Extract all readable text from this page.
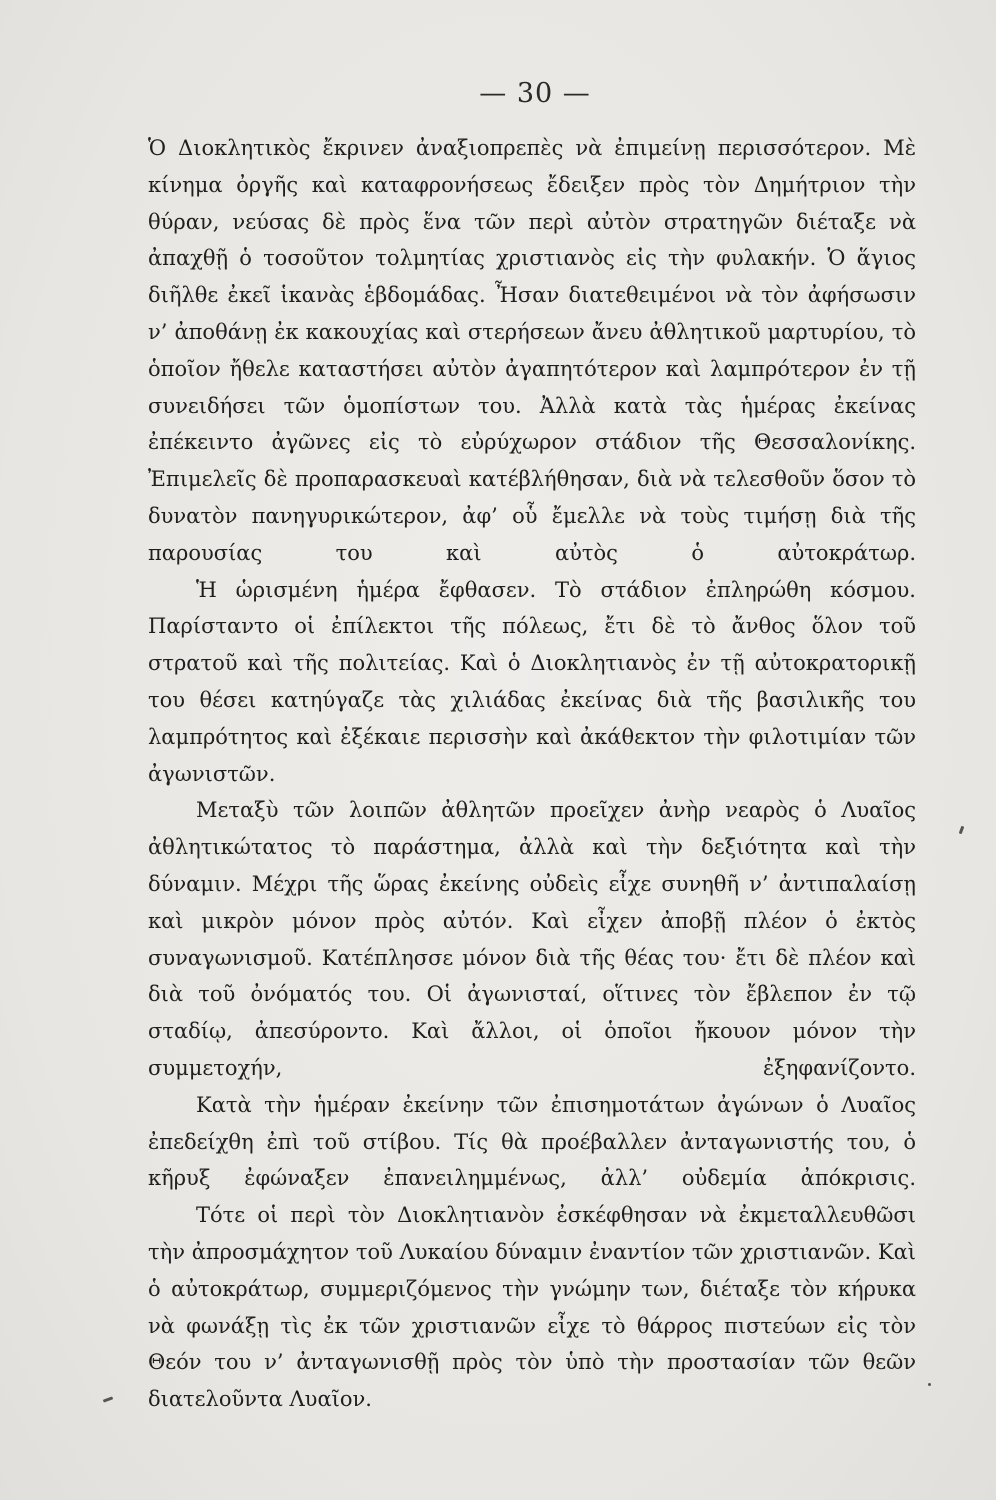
— 30 —

Ὁ Διοκλητικὸς ἔκρινεν ἀναξιοπρεπὲς νὰ ἐπιμείνῃ περισσότερον. Μὲ κίνημα ὀργῆς καὶ καταφρονήσεως ἔδειξεν πρὸς τὸν Δημήτριον τὴν θύραν, νεύσας δὲ πρὸς ἕνα τῶν περὶ αὐτὸν στρατηγῶν διέταξε νὰ ἀπαχθῇ ὁ τοσοῦτον τολμητίας χριστιανὸς εἰς τὴν φυλακήν. Ὁ ἅγιος διῆλθε ἐκεῖ ἱκανὰς ἑβδομάδας. Ἦσαν διατεθειμένοι νὰ τὸν ἀφήσωσιν ν’ ἀποθάνῃ ἐκ κακουχίας καὶ στερήσεων ἄνευ ἀθλητικοῦ μαρτυρίου, τὸ ὁποῖον ἤθελε καταστήσει αὐτὸν ἀγαπητότερον καὶ λαμπρότερον ἐν τῇ συνειδήσει τῶν ὁμοπίστων του. Ἀλλὰ κατὰ τὰς ἡμέρας ἐκείνας ἐπέκειντο ἀγῶνες εἰς τὸ εὐρύχωρον στάδιον τῆς Θεσσαλονίκης. Ἐπιμελεῖς δὲ προπαρασκευαὶ κατέβλήθησαν, διὰ νὰ τελεσθοῦν ὅσον τὸ δυνατὸν πανηγυρικώτερον, ἀφ’ οὗ ἔμελλε νὰ τοὺς τιμήσῃ διὰ τῆς παρουσίας του καὶ αὐτὸς ὁ αὐτοκράτωρ.

Ἡ ὡρισμένη ἡμέρα ἔφθασεν. Τὸ στάδιον ἐπληρώθη κόσμου. Παρίσταντο οἱ ἐπίλεκτοι τῆς πόλεως, ἔτι δὲ τὸ ἄνθος ὅλον τοῦ στρατοῦ καὶ τῆς πολιτείας. Καὶ ὁ Διοκλητιανὸς ἐν τῇ αὐτοκρατορικῇ του θέσει κατηύγαζε τὰς χιλιάδας ἐκείνας διὰ τῆς βασιλικῆς του λαμπρότητος καὶ ἐξέκαιε περισσὴν καὶ ἀκάθεκτον τὴν φιλοτιμίαν τῶν ἀγωνιστῶν.

Μεταξὺ τῶν λοιπῶν ἀθλητῶν προεῖχεν ἀνὴρ νεαρὸς ὁ Λυαῖος ἀθλητικώτατος τὸ παράστημα, ἀλλὰ καὶ τὴν δεξιότητα καὶ τὴν δύναμιν. Μέχρι τῆς ὥρας ἐκείνης οὐδεὶς εἶχε συνηθῆ ν’ ἀντιπαλαίσῃ καὶ μικρὸν μόνον πρὸς αὐτόν. Καὶ εἶχεν ἀποβῇ πλέον ὁ ἐκτὸς συναγωνισμοῦ. Κατέπλησσε μόνον διὰ τῆς θέας του· ἔτι δὲ πλέον καὶ διὰ τοῦ ὀνόματός του. Οἱ ἀγωνισταί, οἵτινες τὸν ἔβλεπον ἐν τῷ σταδίῳ, ἀπεσύροντο. Καὶ ἄλλοι, οἱ ὁποῖοι ἤκουον μόνον τὴν συμμετοχήν, ἐξηφανίζοντο.

Κατὰ τὴν ἡμέραν ἐκείνην τῶν ἐπισημοτάτων ἀγώνων ὁ Λυαῖος ἐπεδείχθη ἐπὶ τοῦ στίβου. Τίς θὰ προέβαλλεν ἀνταγωνιστής του, ὁ κῆρυξ ἐφώναξεν ἐπανειλημμένως, ἀλλ’ οὐδεμία ἀπόκρισις.

Τότε οἱ περὶ τὸν Διοκλητιανὸν ἐσκέφθησαν νὰ ἐκμεταλλευθῶσι τὴν ἀπροσμάχητον τοῦ Λυκαίου δύναμιν ἐναντίον τῶν χριστιανῶν. Καὶ ὁ αὐτοκράτωρ, συμμεριζόμενος τὴν γνώμην των, διέταξε τὸν κήρυκα νὰ φωνάξῃ τὶς ἐκ τῶν χριστιανῶν εἶχε τὸ θάρρος πιστεύων εἰς τὸν Θεόν του ν’ ἀνταγωνισθῇ πρὸς τὸν ὑπὸ τὴν προστασίαν τῶν θεῶν διατελοῦντα Λυαῖον.
